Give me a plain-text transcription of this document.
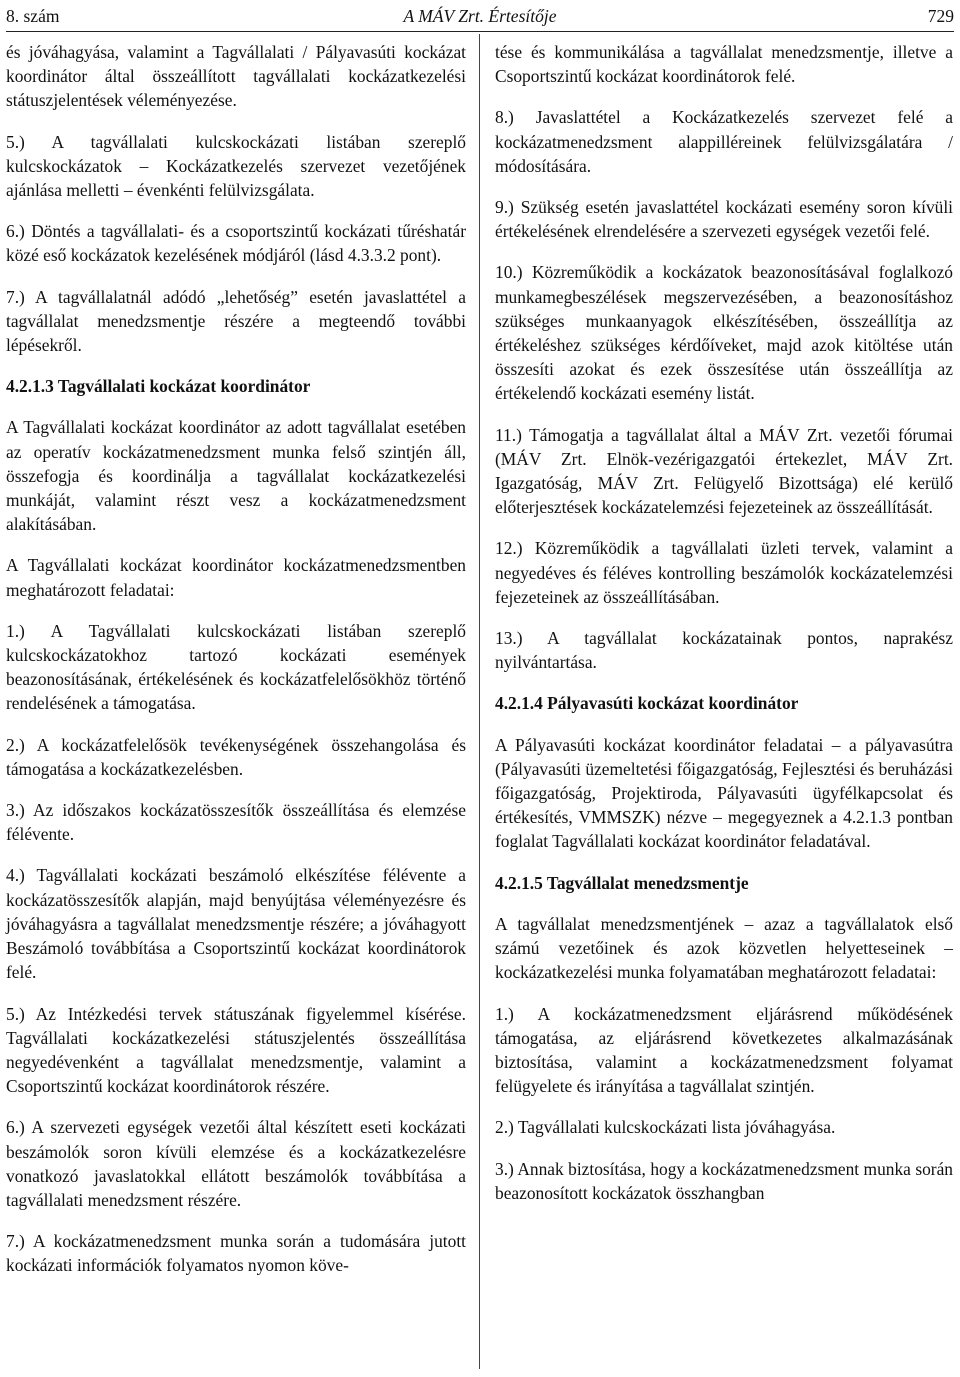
8. szám	A MÁV Zrt. Értesítője	729

és jóváhagyása, valamint a Tagvállalati / Pályavasúti kockázat koordinátor által összeállított tagvállalati kockázatkezelési státuszjelentések véleményezése.

5.) A tagvállalati kulcskockázati listában szereplő kulcskockázatok – Kockázatkezelés szervezet vezetőjének ajánlása melletti – évenkénti felülvizsgálata.

6.) Döntés a tagvállalati- és a csoportszintű kockázati tűréshatár közé eső kockázatok kezelésének módjáról (lásd 4.3.3.2 pont).

7.) A tagvállalatnál adódó „lehetőség” esetén javaslattétel a tagvállalat menedzsmentje részére a megteendő további lépésekről.

4.2.1.3 Tagvállalati kockázat koordinátor

A Tagvállalati kockázat koordinátor az adott tagvállalat esetében az operatív kockázatmenedzsment munka felső szintjén áll, összefogja és koordinálja a tagvállalat kockázatkezelési munkáját, valamint részt vesz a kockázatmenedzsment alakításában.

A Tagvállalati kockázat koordinátor kockázatmenedzsmentben meghatározott feladatai:

1.) A Tagvállalati kulcskockázati listában szereplő kulcskockázatokhoz tartozó kockázati események beazonosításának, értékelésének és kockázatfelelősökhöz történő rendelésének a támogatása.

2.) A kockázatfelelősök tevékenységének összehangolása és támogatása a kockázatkezelésben.

3.) Az időszakos kockázatösszesítők összeállítása és elemzése félévente.

4.) Tagvállalati kockázati beszámoló elkészítése félévente a kockázatösszesítők alapján, majd benyújtása véleményezésre és jóváhagyásra a tagvállalat menedzsmentje részére; a jóváhagyott Beszámoló továbbítása a Csoportszintű kockázat koordinátorok felé.

5.) Az Intézkedési tervek státuszának figyelemmel kísérése. Tagvállalati kockázatkezelési státuszjelentés összeállítása negyedévenként a tagvállalat menedzsmentje, valamint a Csoportszintű kockázat koordinátorok részére.

6.) A szervezeti egységek vezetői által készített eseti kockázati beszámolók soron kívüli elemzése és a kockázatkezelésre vonatkozó javaslatokkal ellátott beszámolók továbbítása a tagvállalati menedzsment részére.

7.) A kockázatmenedzsment munka során a tudomására jutott kockázati információk folyamatos nyomon köve-

tése és kommunikálása a tagvállalat menedzsmentje, illetve a Csoportszintű kockázat koordinátorok felé.

8.) Javaslattétel a Kockázatkezelés szervezet felé a kockázatmenedzsment alappilléreinek felülvizsgálatára / módosítására.

9.) Szükség esetén javaslattétel kockázati esemény soron kívüli értékelésének elrendelésére a szervezeti egységek vezetői felé.

10.) Közreműködik a kockázatok beazonosításával foglalkozó munkamegbeszélések megszervezésében, a beazonosításhoz szükséges munkaanyagok elkészítésében, összeállítja az értékeléshez szükséges kérdőíveket, majd azok kitöltése után összesíti azokat és ezek összesítése után összeállítja az értékelendő kockázati esemény listát.

11.) Támogatja a tagvállalat által a MÁV Zrt. vezetői fórumai (MÁV Zrt. Elnök-vezérigazgatói értekezlet, MÁV Zrt. Igazgatóság, MÁV Zrt. Felügyelő Bizottsága) elé kerülő előterjesztések kockázatelemzési fejezeteinek az összeállítását.

12.) Közreműködik a tagvállalati üzleti tervek, valamint a negyedéves és féléves kontrolling beszámolók kockázatelemzési fejezeteinek az összeállításában.

13.) A tagvállalat kockázatainak pontos, naprakész nyilvántartása.

4.2.1.4 Pályavasúti kockázat koordinátor

A Pályavasúti kockázat koordinátor feladatai – a pályavasútra (Pályavasúti üzemeltetési főigazgatóság, Fejlesztési és beruházási főigazgatóság, Projektiroda, Pályavasúti ügyfélkapcsolat és értékesítés, VMMSZK) nézve – megegyeznek a 4.2.1.3 pontban foglalat Tagvállalati kockázat koordinátor feladatával.

4.2.1.5 Tagvállalat menedzsmentje

A tagvállalat menedzsmentjének – azaz a tagvállalatok első számú vezetőinek és azok közvetlen helyetteseinek – kockázatkezelési munka folyamatában meghatározott feladatai:

1.) A kockázatmenedzsment eljárásrend működésének támogatása, az eljárásrend következetes alkalmazásának biztosítása, valamint a kockázatmenedzsment folyamat felügyelete és irányítása a tagvállalat szintjén.

2.) Tagvállalati kulcskockázati lista jóváhagyása.

3.) Annak biztosítása, hogy a kockázatmenedzsment munka során beazonosított kockázatok összhangban
